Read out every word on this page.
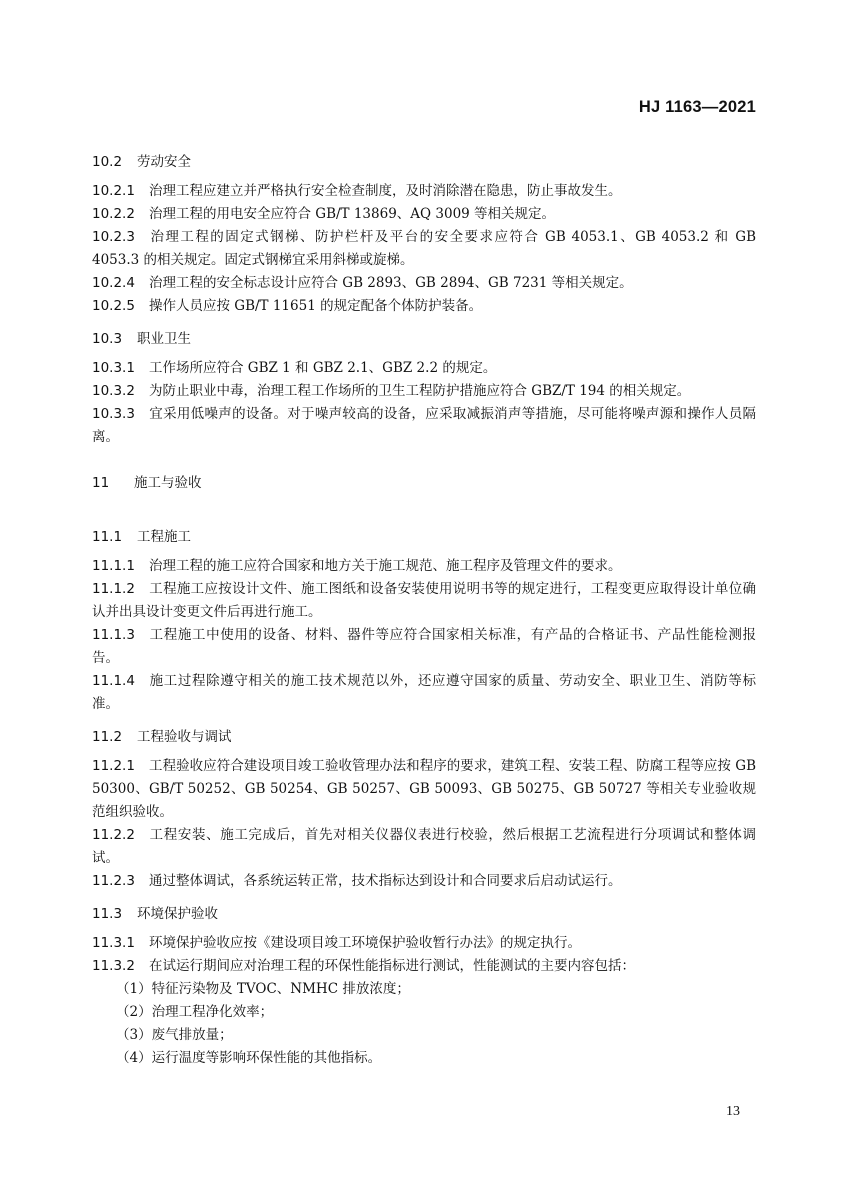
HJ 1163—2021

10.2 劳动安全

10.2.1 治理工程应建立并严格执行安全检查制度，及时消除潜在隐患，防止事故发生。

10.2.2 治理工程的用电安全应符合 GB/T 13869、AQ 3009 等相关规定。

10.2.3 治理工程的固定式钢梯、防护栏杆及平台的安全要求应符合 GB 4053.1、GB 4053.2 和 GB 4053.3 的相关规定。固定式钢梯宜采用斜梯或旋梯。

10.2.4 治理工程的安全标志设计应符合 GB 2893、GB 2894、GB 7231 等相关规定。

10.2.5 操作人员应按 GB/T 11651 的规定配备个体防护装备。

10.3 职业卫生

10.3.1 工作场所应符合 GBZ 1 和 GBZ 2.1、GBZ 2.2 的规定。

10.3.2 为防止职业中毒，治理工程工作场所的卫生工程防护措施应符合 GBZ/T 194 的相关规定。

10.3.3 宜采用低噪声的设备。对于噪声较高的设备，应采取减振消声等措施，尽可能将噪声源和操作人员隔离。

11 施工与验收

11.1 工程施工

11.1.1 治理工程的施工应符合国家和地方关于施工规范、施工程序及管理文件的要求。

11.1.2 工程施工应按设计文件、施工图纸和设备安装使用说明书等的规定进行，工程变更应取得设计单位确认并出具设计变更文件后再进行施工。

11.1.3 工程施工中使用的设备、材料、器件等应符合国家相关标准，有产品的合格证书、产品性能检测报告。

11.1.4 施工过程除遵守相关的施工技术规范以外，还应遵守国家的质量、劳动安全、职业卫生、消防等标准。

11.2 工程验收与调试

11.2.1 工程验收应符合建设项目竣工验收管理办法和程序的要求，建筑工程、安装工程、防腐工程等应按 GB 50300、GB/T 50252、GB 50254、GB 50257、GB 50093、GB 50275、GB 50727 等相关专业验收规范组织验收。

11.2.2 工程安装、施工完成后，首先对相关仪器仪表进行校验，然后根据工艺流程进行分项调试和整体调试。

11.2.3 通过整体调试，各系统运转正常，技术指标达到设计和合同要求后启动试运行。

11.3 环境保护验收

11.3.1 环境保护验收应按《建设项目竣工环境保护验收暂行办法》的规定执行。

11.3.2 在试运行期间应对治理工程的环保性能指标进行测试，性能测试的主要内容包括：

（1）特征污染物及 TVOC、NMHC 排放浓度；

（2）治理工程净化效率；

（3）废气排放量；

（4）运行温度等影响环保性能的其他指标。

13
